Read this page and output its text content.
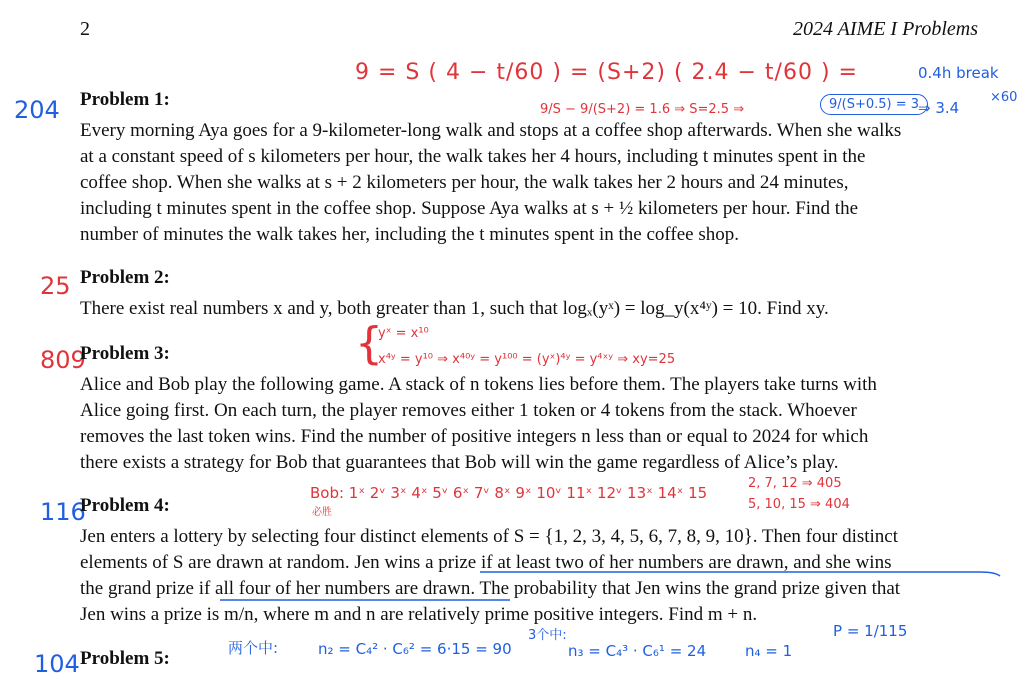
2	2024 AIME I Problems
204 Problem 1:
Every morning Aya goes for a 9-kilometer-long walk and stops at a coffee shop afterwards. When she walks
at a constant speed of s kilometers per hour, the walk takes her 4 hours, including t minutes spent in the
coffee shop. When she walks at s + 2 kilometers per hour, the walk takes her 2 hours and 24 minutes,
including t minutes spent in the coffee shop. Suppose Aya walks at s + ½ kilometers per hour. Find the
number of minutes the walk takes her, including the t minutes spent in the coffee shop.
9 = S ( 4 − t/60 ) = (S+2) ( 2.4 − t/60 ) =
9/S − 9/(S+2) = 1.6 ⇒ S=2.5 ⇒	9/(S+0.5) = 3
⇒ 3.4
0.4h break
×60
25 Problem 2:
There exist real numbers x and y, both greater than 1, such that logₓ(yˣ) = log_y(x⁴ʸ) = 10. Find xy.
809
Problem 3:	{
yˣ = x¹⁰
x⁴ʸ = y¹⁰ ⇒ x⁴⁰ʸ = y¹⁰⁰ = (yˣ)⁴ʸ = y⁴ˣʸ ⇒ xy=25
Alice and Bob play the following game. A stack of n tokens lies before them. The players take turns with
Alice going first. On each turn, the player removes either 1 token or 4 tokens from the stack. Whoever
removes the last token wins. Find the number of positive integers n less than or equal to 2024 for which
there exists a strategy for Bob that guarantees that Bob will win the game regardless of Alice’s play.
116
Problem 4:
Bob: 1ˣ 2ᵛ 3ˣ 4ˣ 5ᵛ 6ˣ 7ᵛ 8ˣ 9ˣ 10ᵛ 11ˣ 12ᵛ 13ˣ 14ˣ 15
必胜
2, 7, 12 ⇒ 405
5, 10, 15 ⇒ 404
Jen enters a lottery by selecting four distinct elements of S = {1, 2, 3, 4, 5, 6, 7, 8, 9, 10}. Then four distinct
elements of S are drawn at random. Jen wins a prize if at least two of her numbers are drawn, and she wins
the grand prize if all four of her numbers are drawn. The probability that Jen wins the grand prize given that
Jen wins a prize is m/n, where m and n are relatively prime positive integers. Find m + n.
P = 1/115
104 Problem 5:	两个中:	n₂ = C₄² · C₆² = 6·15 = 90
3个中:
n₃ = C₄³ · C₆¹ = 24	n₄ = 1
